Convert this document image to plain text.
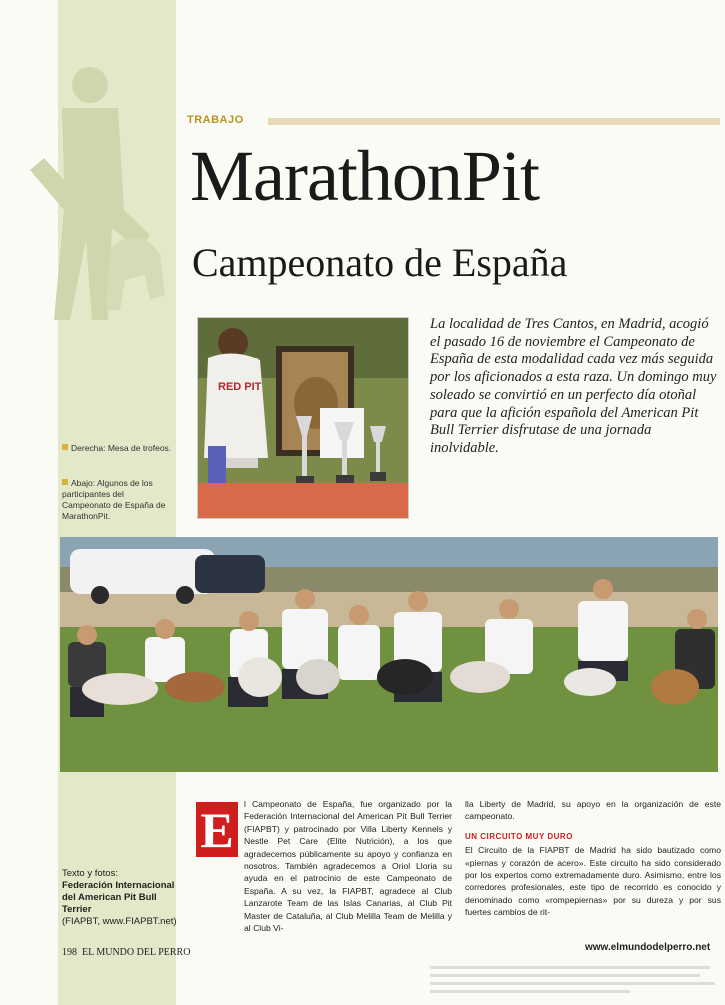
TRABAJO
MarathonPit
Campeonato de España
RED PIT
La localidad de Tres Cantos, en Madrid, acogió el pasado 16 de noviembre el Campeonato de España de esta modalidad cada vez más seguida por los aficionados a esta raza. Un domingo muy soleado se convirtió en un perfecto día otoñal para que la afición española del American Pit Bull Terrier disfrutase de una jornada inolvidable.
Derecha: Mesa de trofeos.
Abajo: Algunos de los participantes del Campeonato de España de MarathonPit.
E	l Campeonato de España, fue organizado por la Federación Internacional del American Pit Bull Terrier (FIAPBT) y patrocinado por Villa Liberty Kennels y Nestle Pet Care (Elite Nutrición), a los que agradecemos públicamente su apoyo y confianza en nosotros. También agradecemos a Oriol Lloria su ayuda en el patrocinio de este Campeonato de España. A su vez, la FIAPBT, agradece al Club Lanzarote Team de las Islas Canarias, al Club Pit Master de Cataluña, al Club Melilla Team de Melilla y al Club Vi-

lla Liberty de Madrid, su apoyo en la organización de este campeonato.

UN CIRCUITO MUY DURO

El Circuito de la FIAPBT de Madrid ha sido bautizado como «piernas y corazón de acero». Este circuito ha sido considerado por los expertos como extremadamente duro. Asimismo, entre los corredores profesionales, este tipo de recorrido es conocido y denominado como «rompepiernas» por su dureza y por sus fuertes cambios de rit-

Texto y fotos:
Federación Internacional del American Pit Bull Terrier
(FIAPBT, www.FIAPBT.net)
198 EL MUNDO DEL PERRO	www.elmundodelperro.net
